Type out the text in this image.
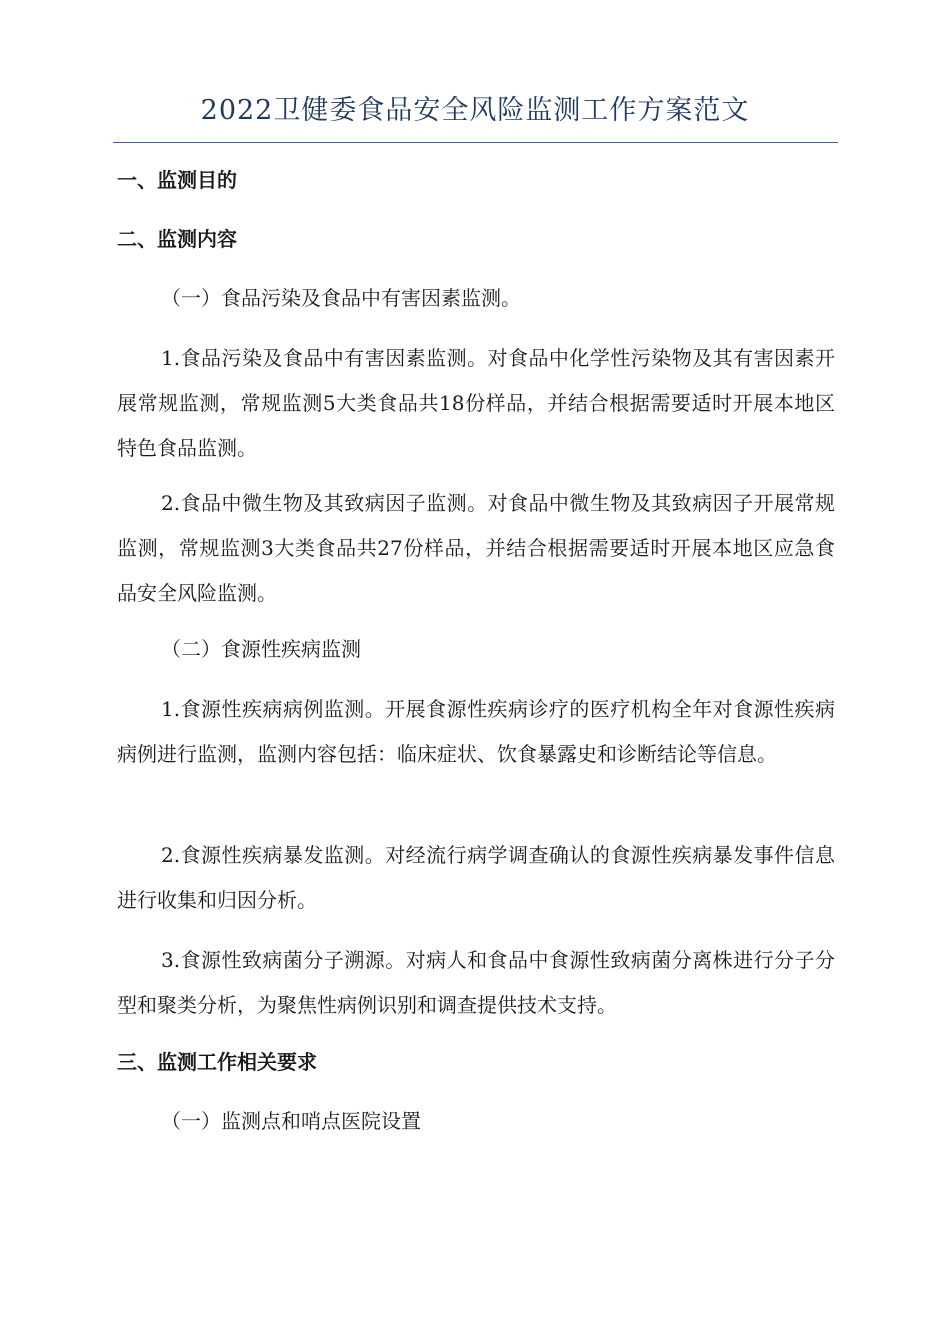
2022卫健委食品安全风险监测工作方案范文

一、监测目的

二、监测内容

（一）食品污染及食品中有害因素监测。

1.食品污染及食品中有害因素监测。对食品中化学性污染物及其有害因素开展常规监测，常规监测5大类食品共18份样品，并结合根据需要适时开展本地区特色食品监测。

2.食品中微生物及其致病因子监测。对食品中微生物及其致病因子开展常规监测，常规监测3大类食品共27份样品，并结合根据需要适时开展本地区应急食品安全风险监测。

（二）食源性疾病监测

1.食源性疾病病例监测。开展食源性疾病诊疗的医疗机构全年对食源性疾病病例进行监测，监测内容包括：临床症状、饮食暴露史和诊断结论等信息。

2.食源性疾病暴发监测。对经流行病学调查确认的食源性疾病暴发事件信息进行收集和归因分析。

3.食源性致病菌分子溯源。对病人和食品中食源性致病菌分离株进行分子分型和聚类分析，为聚焦性病例识别和调查提供技术支持。

三、监测工作相关要求

（一）监测点和哨点医院设置
